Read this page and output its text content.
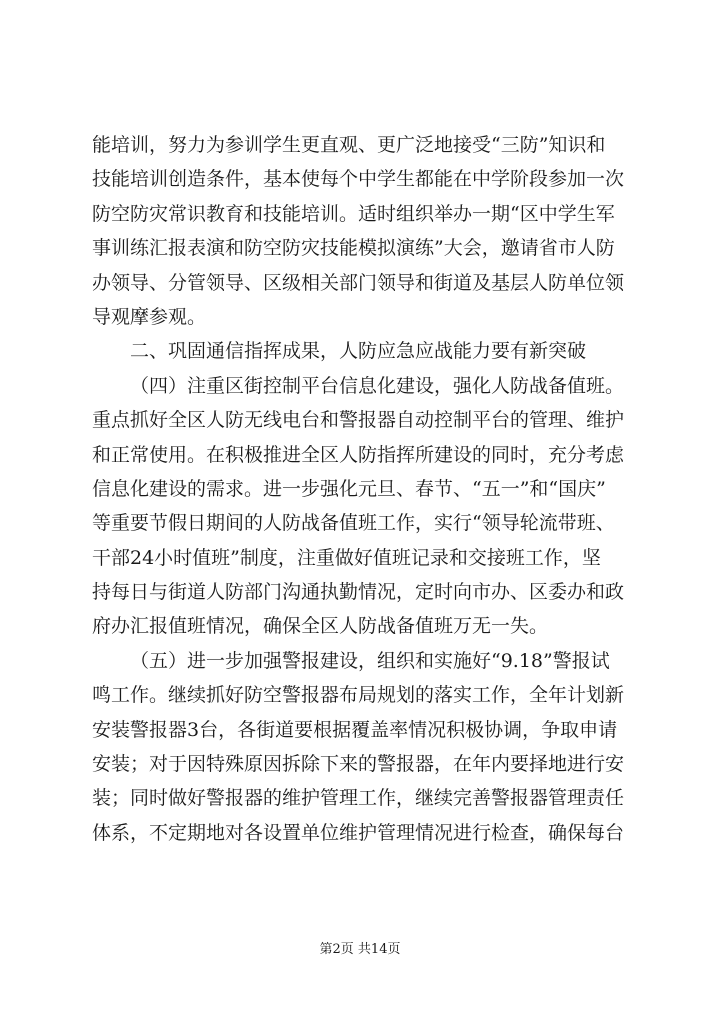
能培训，努力为参训学生更直观、更广泛地接受“三防”知识和
技能培训创造条件，基本使每个中学生都能在中学阶段参加一次
防空防灾常识教育和技能培训。适时组织举办一期“区中学生军
事训练汇报表演和防空防灾技能模拟演练”大会，邀请省市人防
办领导、分管领导、区级相关部门领导和街道及基层人防单位领
导观摩参观。
二、巩固通信指挥成果，人防应急应战能力要有新突破
（四）注重区街控制平台信息化建设，强化人防战备值班。
重点抓好全区人防无线电台和警报器自动控制平台的管理、维护
和正常使用。在积极推进全区人防指挥所建设的同时，充分考虑
信息化建设的需求。进一步强化元旦、春节、“五一”和“国庆”
等重要节假日期间的人防战备值班工作，实行“领导轮流带班、
干部24小时值班”制度，注重做好值班记录和交接班工作，坚
持每日与街道人防部门沟通执勤情况，定时向市办、区委办和政
府办汇报值班情况，确保全区人防战备值班万无一失。
（五）进一步加强警报建设，组织和实施好“9.18”警报试
鸣工作。继续抓好防空警报器布局规划的落实工作，全年计划新
安装警报器3台，各街道要根据覆盖率情况积极协调，争取申请
安装；对于因特殊原因拆除下来的警报器，在年内要择地进行安
装；同时做好警报器的维护管理工作，继续完善警报器管理责任
体系，不定期地对各设置单位维护管理情况进行检查，确保每台
第2页 共14页
